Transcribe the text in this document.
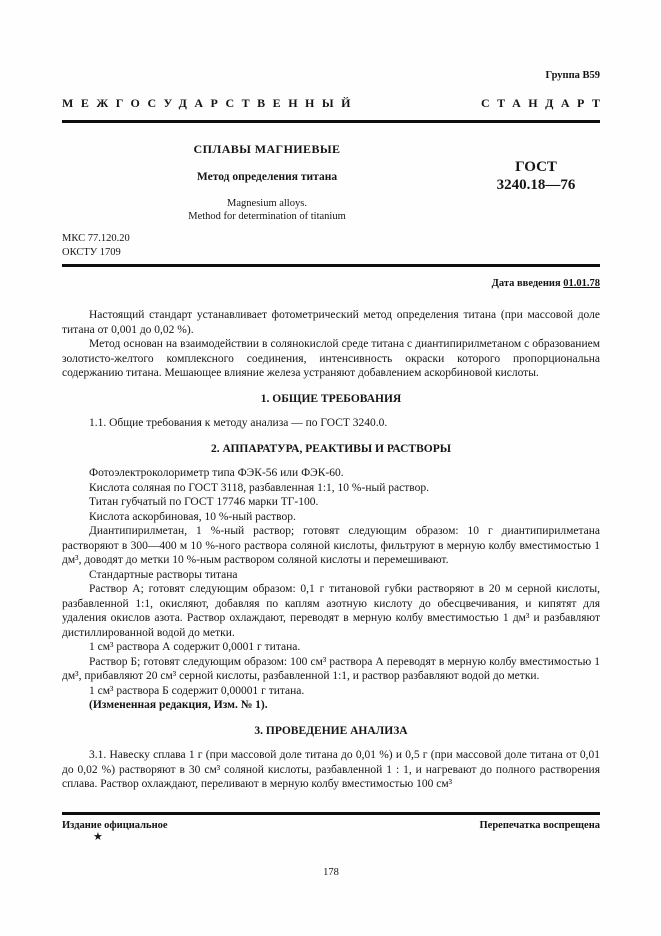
Группа В59
МЕЖГОСУДАРСТВЕННЫЙ	СТАНДАРТ
СПЛАВЫ МАГНИЕВЫЕ
Метод определения титана
Magnesium alloys.
Method for determination of titanium
ГОСТ
3240.18—76
МКС 77.120.20
ОКСТУ 1709
Дата введения 01.01.78

Настоящий стандарт устанавливает фотометрический метод определения титана (при массовой доле титана от 0,001 до 0,02 %).

Метод основан на взаимодействии в солянокислой среде титана с диантипирилметаном с образованием золотисто-желтого комплексного соединения, интенсивность окраски которого пропорциональна содержанию титана. Мешающее влияние железа устраняют добавлением аскорбиновой кислоты.

1. ОБЩИЕ ТРЕБОВАНИЯ

1.1. Общие требования к методу анализа — по ГОСТ 3240.0.

2. АППАРАТУРА, РЕАКТИВЫ И РАСТВОРЫ

Фотоэлектроколориметр типа ФЭК-56 или ФЭК-60.

Кислота соляная по ГОСТ 3118, разбавленная 1:1, 10 %-ный раствор.

Титан губчатый по ГОСТ 17746 марки ТГ-100.

Кислота аскорбиновая, 10 %-ный раствор.

Диантипирилметан, 1 %-ный раствор; готовят следующим образом: 10 г диантипирилметана растворяют в 300—400 м 10 %-ного раствора соляной кислоты, фильтруют в мерную колбу вместимостью 1 дм³, доводят до метки 10 %-ным раствором соляной кислоты и перемешивают.

Стандартные растворы титана

Раствор А; готовят следующим образом: 0,1 г титановой губки растворяют в 20 м серной кислоты, разбавленной 1:1, окисляют, добавляя по каплям азотную кислоту до обесцвечивания, и кипятят для удаления окислов азота. Раствор охлаждают, переводят в мерную колбу вместимостью 1 дм³ и разбавляют дистиллированной водой до метки.

1 см³ раствора А содержит 0,0001 г титана.

Раствор Б; готовят следующим образом: 100 см³ раствора А переводят в мерную колбу вместимостью 1 дм³, прибавляют 20 см³ серной кислоты, разбавленной 1:1, и раствор разбавляют водой до метки.

1 см³ раствора Б содержит 0,00001 г титана.

(Измененная редакция, Изм. № 1).

3. ПРОВЕДЕНИЕ АНАЛИЗА

3.1. Навеску сплава 1 г (при массовой доле титана до 0,01 %) и 0,5 г (при массовой доле титана от 0,01 до 0,02 %) растворяют в 30 см³ соляной кислоты, разбавленной 1 : 1, и нагревают до полного растворения сплава. Раствор охлаждают, переливают в мерную колбу вместимостью 100 см³

Издание официальное	Перепечатка воспрещена
★
178
